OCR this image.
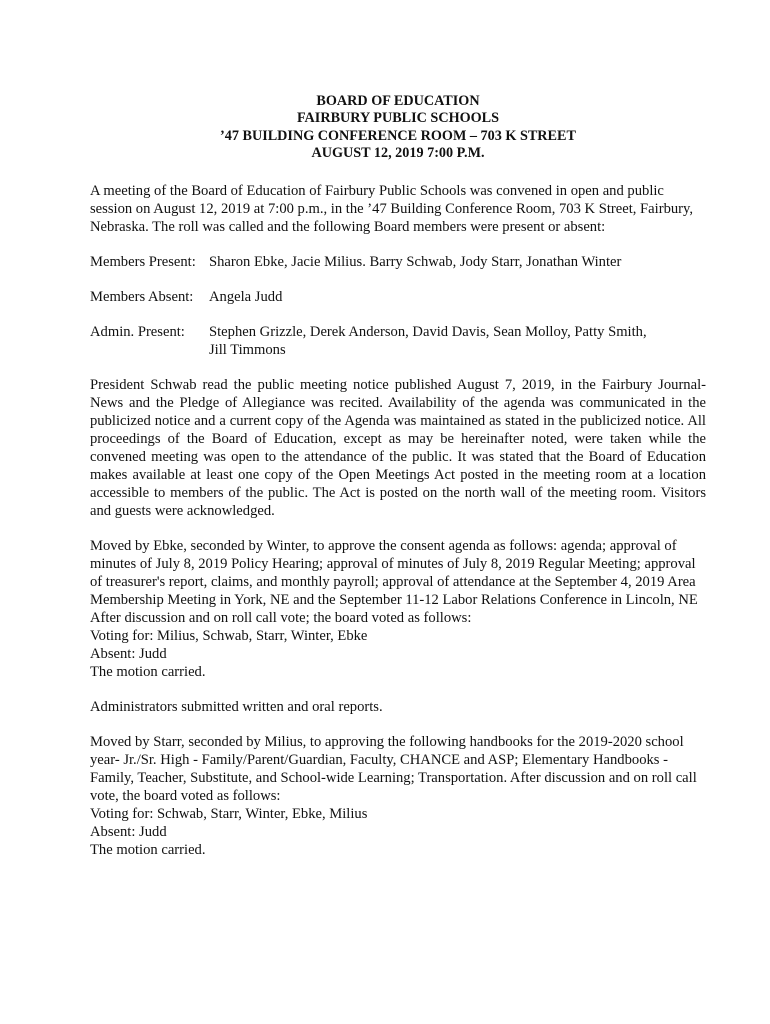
BOARD OF EDUCATION
FAIRBURY PUBLIC SCHOOLS
’47 BUILDING CONFERENCE ROOM – 703 K STREET
AUGUST 12, 2019 7:00 P.M.

A meeting of the Board of Education of Fairbury Public Schools was convened in open and public session on August 12, 2019 at 7:00 p.m., in the ’47 Building Conference Room, 703 K Street, Fairbury, Nebraska. The roll was called and the following Board members were present or absent:

Members Present: Sharon Ebke, Jacie Milius. Barry Schwab, Jody Starr, Jonathan Winter
Members Absent:	Angela Judd
Admin. Present:	Stephen Grizzle, Derek Anderson, David Davis, Sean Molloy, Patty Smith,
Jill Timmons

President Schwab read the public meeting notice published August 7, 2019, in the Fairbury Journal-News and the Pledge of Allegiance was recited. Availability of the agenda was communicated in the publicized notice and a current copy of the Agenda was maintained as stated in the publicized notice. All proceedings of the Board of Education, except as may be hereinafter noted, were taken while the convened meeting was open to the attendance of the public. It was stated that the Board of Education makes available at least one copy of the Open Meetings Act posted in the meeting room at a location accessible to members of the public. The Act is posted on the north wall of the meeting room. Visitors and guests were acknowledged.

Moved by Ebke, seconded by Winter, to approve the consent agenda as follows: agenda; approval of minutes of July 8, 2019 Policy Hearing; approval of minutes of July 8, 2019 Regular Meeting; approval of treasurer's report, claims, and monthly payroll; approval of attendance at the September 4, 2019 Area Membership Meeting in York, NE and the September 11-12 Labor Relations Conference in Lincoln, NE

After discussion and on roll call vote; the board voted as follows:
Voting for: Milius, Schwab, Starr, Winter, Ebke
Absent: Judd
The motion carried.

Administrators submitted written and oral reports.

Moved by Starr, seconded by Milius, to approving the following handbooks for the 2019-2020 school year- Jr./Sr. High - Family/Parent/Guardian, Faculty, CHANCE and ASP; Elementary Handbooks - Family, Teacher, Substitute, and School-wide Learning; Transportation. After discussion and on roll call vote, the board voted as follows:

Voting for: Schwab, Starr, Winter, Ebke, Milius
Absent: Judd
The motion carried.
